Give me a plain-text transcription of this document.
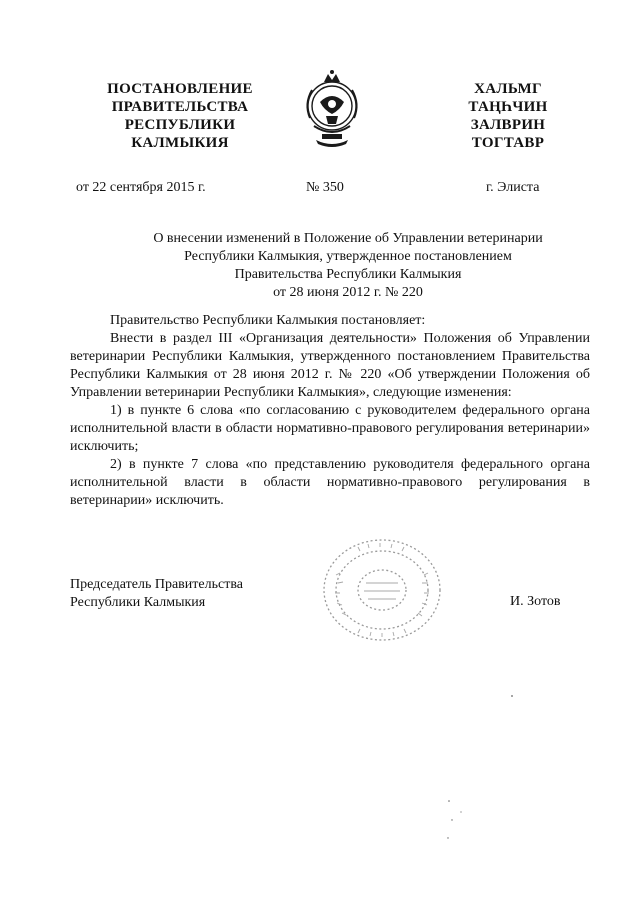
ПОСТАНОВЛЕНИЕ
ПРАВИТЕЛЬСТВА
РЕСПУБЛИКИ
КАЛМЫКИЯ
ХАЛЬМГ
ТАҢҺЧИН
ЗАЛВРИН
ТОГТАВР
от 22 сентября 2015 г.	№ 350	г. Элиста
О внесении изменений в Положение об Управлении ветеринарии
Республики Калмыкия, утвержденное постановлением
Правительства Республики Калмыкия
от 28 июня 2012 г. № 220

Правительство Республики Калмыкия постановляет:

Внести в раздел III «Организация деятельности» Положения об Управлении ветеринарии Республики Калмыкия, утвержденного постановлением Правительства Республики Калмыкия от 28 июня 2012 г. № 220 «Об утверждении Положения об Управлении ветеринарии Республики Калмыкия», следующие изменения:

1) в пункте 6 слова «по согласованию с руководителем федерального органа исполнительной власти в области нормативно-правового регулирования ветеринарии» исключить;

2) в пункте 7 слова «по представлению руководителя федерального органа исполнительной власти в области нормативно-правового регулирования в ветеринарии» исключить.

Председатель Правительства
Республики Калмыкия	И. Зотов
